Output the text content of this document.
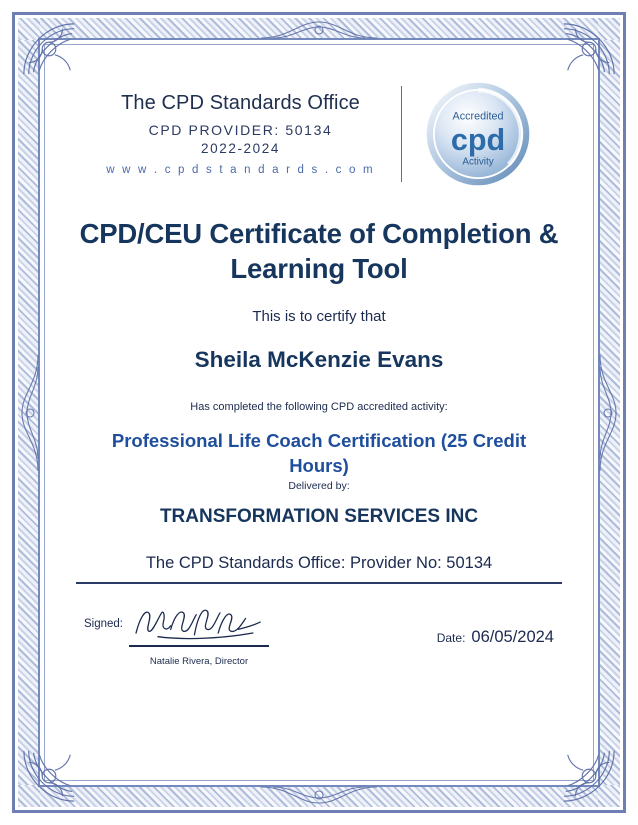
The CPD Standards Office
CPD PROVIDER: 50134
2022-2024
w w w . c p d s t a n d a r d s . c o m
Accredited
cpd
Activity
CPD/CEU Certificate of Completion & Learning Tool
This is to certify that
Sheila McKenzie Evans
Has completed the following CPD accredited activity:
Professional Life Coach Certification (25 Credit Hours)
Delivered by:
TRANSFORMATION SERVICES INC
The CPD Standards Office: Provider No: 50134
Signed:
Natalie Rivera, Director
Date: 06/05/2024
